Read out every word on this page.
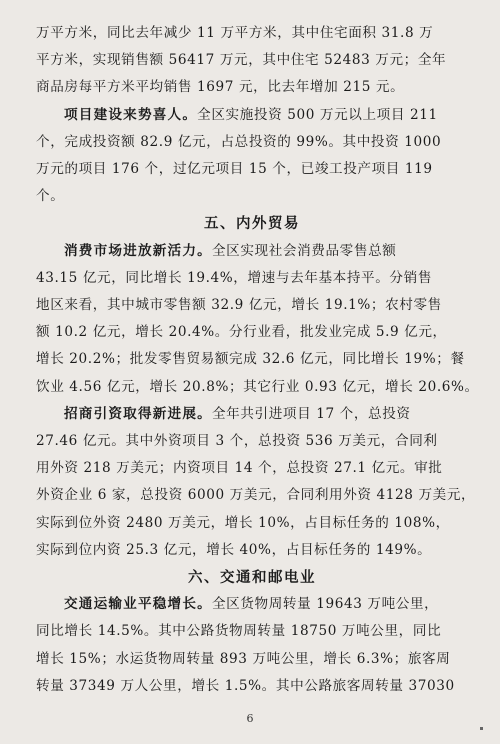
万平方米，同比去年减少 11 万平方米，其中住宅面积 31.8 万
平方米，实现销售额 56417 万元，其中住宅 52483 万元；全年
商品房每平方米平均销售 1697 元，比去年增加 215 元。
项目建设来势喜人。全区实施投资 500 万元以上项目 211
个，完成投资额 82.9 亿元，占总投资的 99%。其中投资 1000
万元的项目 176 个，过亿元项目 15 个，已竣工投产项目 119
个。
五、内外贸易
消费市场进放新活力。全区实现社会消费品零售总额
43.15 亿元，同比增长 19.4%，增速与去年基本持平。分销售
地区来看，其中城市零售额 32.9 亿元，增长 19.1%；农村零售
额 10.2 亿元，增长 20.4%。分行业看，批发业完成 5.9 亿元，
增长 20.2%；批发零售贸易额完成 32.6 亿元，同比增长 19%；餐
饮业 4.56 亿元，增长 20.8%；其它行业 0.93 亿元，增长 20.6%。
招商引资取得新进展。全年共引进项目 17 个，总投资
27.46 亿元。其中外资项目 3 个，总投资 536 万美元，合同利
用外资 218 万美元；内资项目 14 个，总投资 27.1 亿元。审批
外资企业 6 家，总投资 6000 万美元，合同利用外资 4128 万美元，
实际到位外资 2480 万美元，增长 10%，占目标任务的 108%，
实际到位内资 25.3 亿元，增长 40%，占目标任务的 149%。
六、交通和邮电业
交通运输业平稳增长。全区货物周转量 19643 万吨公里，
同比增长 14.5%。其中公路货物周转量 18750 万吨公里，同比
增长 15%；水运货物周转量 893 万吨公里，增长 6.3%；旅客周
转量 37349 万人公里，增长 1.5%。其中公路旅客周转量 37030
6
